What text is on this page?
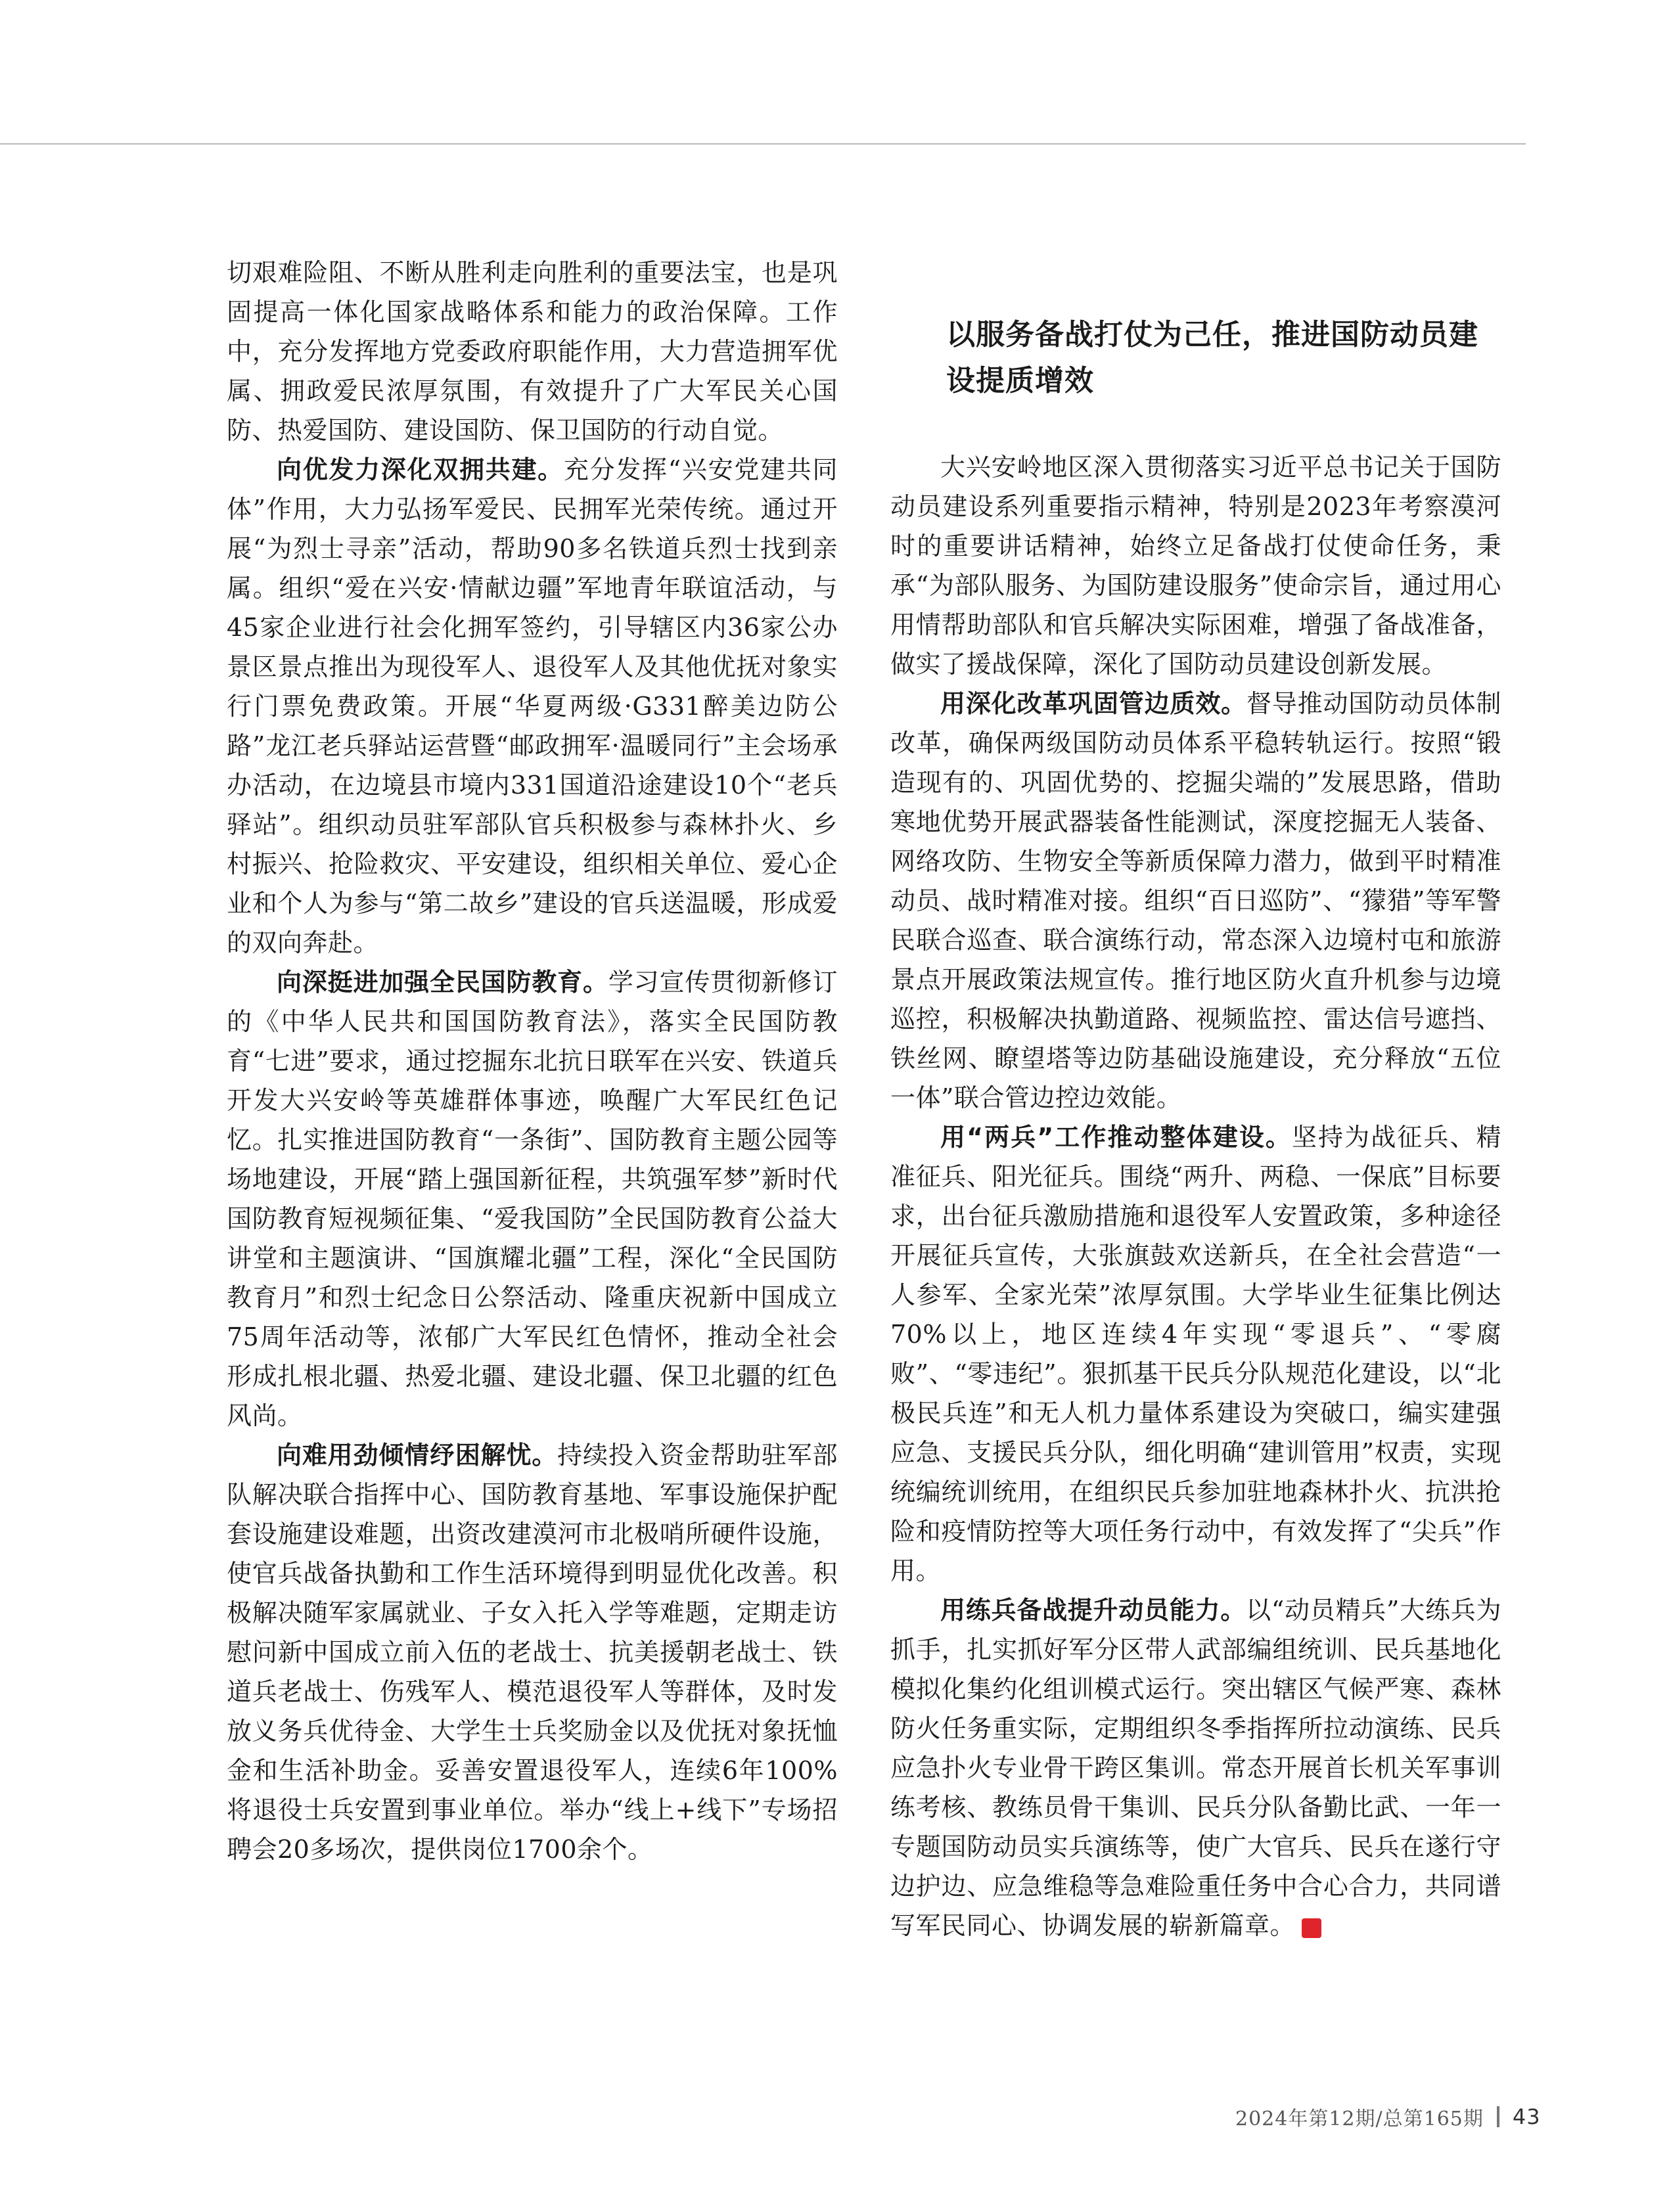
切艰难险阻、不断从胜利走向胜利的重要法宝，也是巩固提高一体化国家战略体系和能力的政治保障。工作中，充分发挥地方党委政府职能作用，大力营造拥军优属、拥政爱民浓厚氛围，有效提升了广大军民关心国防、热爱国防、建设国防、保卫国防的行动自觉。

向优发力深化双拥共建。充分发挥“兴安党建共同体”作用，大力弘扬军爱民、民拥军光荣传统。通过开展“为烈士寻亲”活动，帮助90多名铁道兵烈士找到亲属。组织“爱在兴安·情献边疆”军地青年联谊活动，与45家企业进行社会化拥军签约，引导辖区内36家公办景区景点推出为现役军人、退役军人及其他优抚对象实行门票免费政策。开展“华夏两级·G331醉美边防公路”龙江老兵驿站运营暨“邮政拥军·温暖同行”主会场承办活动，在边境县市境内331国道沿途建设10个“老兵驿站”。组织动员驻军部队官兵积极参与森林扑火、乡村振兴、抢险救灾、平安建设，组织相关单位、爱心企业和个人为参与“第二故乡”建设的官兵送温暖，形成爱的双向奔赴。

向深挺进加强全民国防教育。学习宣传贯彻新修订的《中华人民共和国国防教育法》，落实全民国防教育“七进”要求，通过挖掘东北抗日联军在兴安、铁道兵开发大兴安岭等英雄群体事迹，唤醒广大军民红色记忆。扎实推进国防教育“一条街”、国防教育主题公园等场地建设，开展“踏上强国新征程，共筑强军梦”新时代国防教育短视频征集、“爱我国防”全民国防教育公益大讲堂和主题演讲、“国旗耀北疆”工程，深化“全民国防教育月”和烈士纪念日公祭活动、隆重庆祝新中国成立75周年活动等，浓郁广大军民红色情怀，推动全社会形成扎根北疆、热爱北疆、建设北疆、保卫北疆的红色风尚。

向难用劲倾情纾困解忧。持续投入资金帮助驻军部队解决联合指挥中心、国防教育基地、军事设施保护配套设施建设难题，出资改建漠河市北极哨所硬件设施，使官兵战备执勤和工作生活环境得到明显优化改善。积极解决随军家属就业、子女入托入学等难题，定期走访慰问新中国成立前入伍的老战士、抗美援朝老战士、铁道兵老战士、伤残军人、模范退役军人等群体，及时发放义务兵优待金、大学生士兵奖励金以及优抚对象抚恤金和生活补助金。妥善安置退役军人，连续6年100%将退役士兵安置到事业单位。举办“线上+线下”专场招聘会20多场次，提供岗位1700余个。

以服务备战打仗为己任，推进国防动员建设提质增效

大兴安岭地区深入贯彻落实习近平总书记关于国防动员建设系列重要指示精神，特别是2023年考察漠河时的重要讲话精神，始终立足备战打仗使命任务，秉承“为部队服务、为国防建设服务”使命宗旨，通过用心用情帮助部队和官兵解决实际困难，增强了备战准备，做实了援战保障，深化了国防动员建设创新发展。

用深化改革巩固管边质效。督导推动国防动员体制改革，确保两级国防动员体系平稳转轨运行。按照“锻造现有的、巩固优势的、挖掘尖端的”发展思路，借助寒地优势开展武器装备性能测试，深度挖掘无人装备、网络攻防、生物安全等新质保障力潜力，做到平时精准动员、战时精准对接。组织“百日巡防”、“獴猎”等军警民联合巡查、联合演练行动，常态深入边境村屯和旅游景点开展政策法规宣传。推行地区防火直升机参与边境巡控，积极解决执勤道路、视频监控、雷达信号遮挡、铁丝网、瞭望塔等边防基础设施建设，充分释放“五位一体”联合管边控边效能。

用“两兵”工作推动整体建设。坚持为战征兵、精准征兵、阳光征兵。围绕“两升、两稳、一保底”目标要求，出台征兵激励措施和退役军人安置政策，多种途径开展征兵宣传，大张旗鼓欢送新兵，在全社会营造“一人参军、全家光荣”浓厚氛围。大学毕业生征集比例达70%以上，地区连续4年实现“零退兵”、“零腐败”、“零违纪”。狠抓基干民兵分队规范化建设，以“北极民兵连”和无人机力量体系建设为突破口，编实建强应急、支援民兵分队，细化明确“建训管用”权责，实现统编统训统用，在组织民兵参加驻地森林扑火、抗洪抢险和疫情防控等大项任务行动中，有效发挥了“尖兵”作用。

用练兵备战提升动员能力。以“动员精兵”大练兵为抓手，扎实抓好军分区带人武部编组统训、民兵基地化模拟化集约化组训模式运行。突出辖区气候严寒、森林防火任务重实际，定期组织冬季指挥所拉动演练、民兵应急扑火专业骨干跨区集训。常态开展首长机关军事训练考核、教练员骨干集训、民兵分队备勤比武、一年一专题国防动员实兵演练等，使广大官兵、民兵在遂行守边护边、应急维稳等急难险重任务中合心合力，共同谱写军民同心、协调发展的崭新篇章。	G

2024年第12期/总第165期 43
